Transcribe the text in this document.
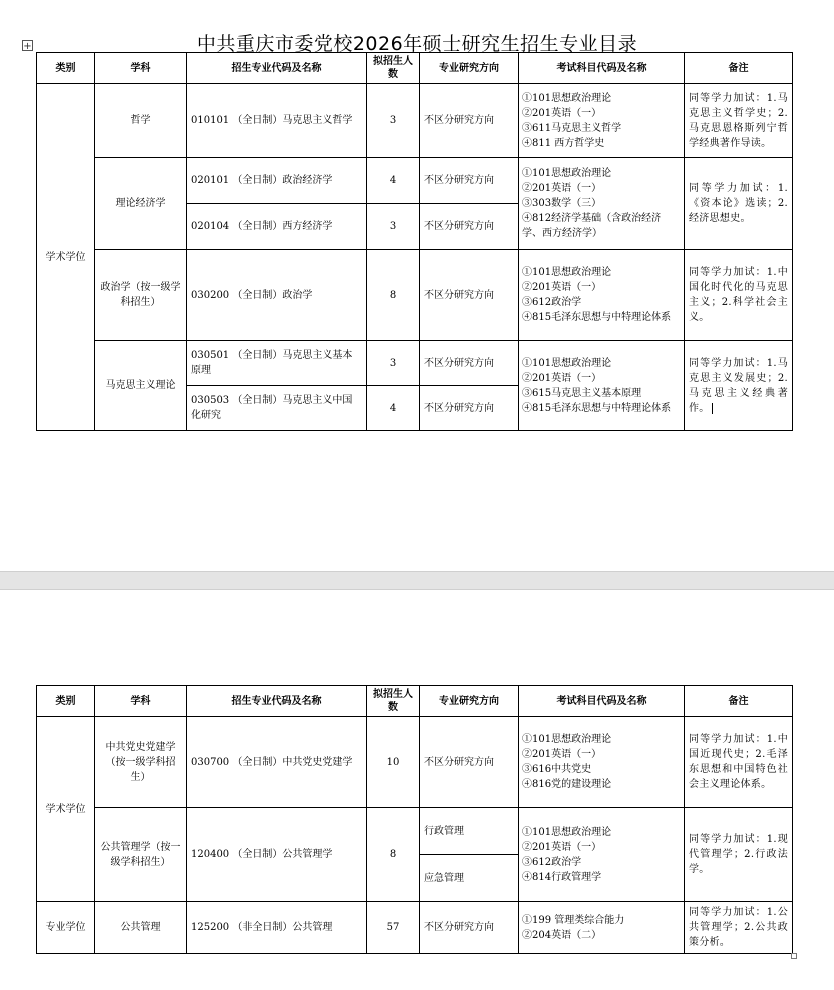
+	中共重庆市委党校2026年硕士研究生招生专业目录
类别	学科	招生专业代码及名称	拟招生人数	专业研究方向	考试科目代码及名称	备注
学术学位	哲学	010101 （全日制）马克思主义哲学	3	不区分研究方向	①101思想政治理论
②201英语（一）
③611马克思主义哲学
④811 西方哲学史	同等学力加试：1.马克思主义哲学史；2.马克思恩格斯列宁哲学经典著作导读。
	理论经济学	020101 （全日制）政治经济学	4	不区分研究方向	①101思想政治理论
②201英语（一）
③303数学（三）
④812经济学基础（含政治经济学、西方经济学）	同等学力加试：1.《资本论》选读；2.经济思想史。
		020104 （全日制）西方经济学	3	不区分研究方向		
	政治学（按一级学科招生）	030200 （全日制）政治学	8	不区分研究方向	①101思想政治理论
②201英语（一）
③612政治学
④815毛泽东思想与中特理论体系	同等学力加试：1.中国化时代化的马克思主义；2.科学社会主义。
	马克思主义理论	030501 （全日制）马克思主义基本原理	3	不区分研究方向	①101思想政治理论
②201英语（一）
③615马克思主义基本原理
④815毛泽东思想与中特理论体系	同等学力加试：1.马克思主义发展史；2.马克思主义经典著作。
		030503 （全日制）马克思主义中国化研究	4	不区分研究方向		
类别	学科	招生专业代码及名称	拟招生人数	专业研究方向	考试科目代码及名称	备注
学术学位	中共党史党建学（按一级学科招生）	030700 （全日制）中共党史党建学	10	不区分研究方向	①101思想政治理论
②201英语（一）
③616中共党史
④816党的建设理论	同等学力加试：1.中国近现代史；2.毛泽东思想和中国特色社会主义理论体系。
	公共管理学（按一级学科招生）	120400 （全日制）公共管理学	8	行政管理	①101思想政治理论
②201英语（一）
③612政治学
④814行政管理学	同等学力加试：1.现代管理学；2.行政法学。
				应急管理		
专业学位	公共管理	125200 （非全日制）公共管理	57	不区分研究方向	①199 管理类综合能力
②204英语（二）	同等学力加试：1.公共管理学；2.公共政策分析。
